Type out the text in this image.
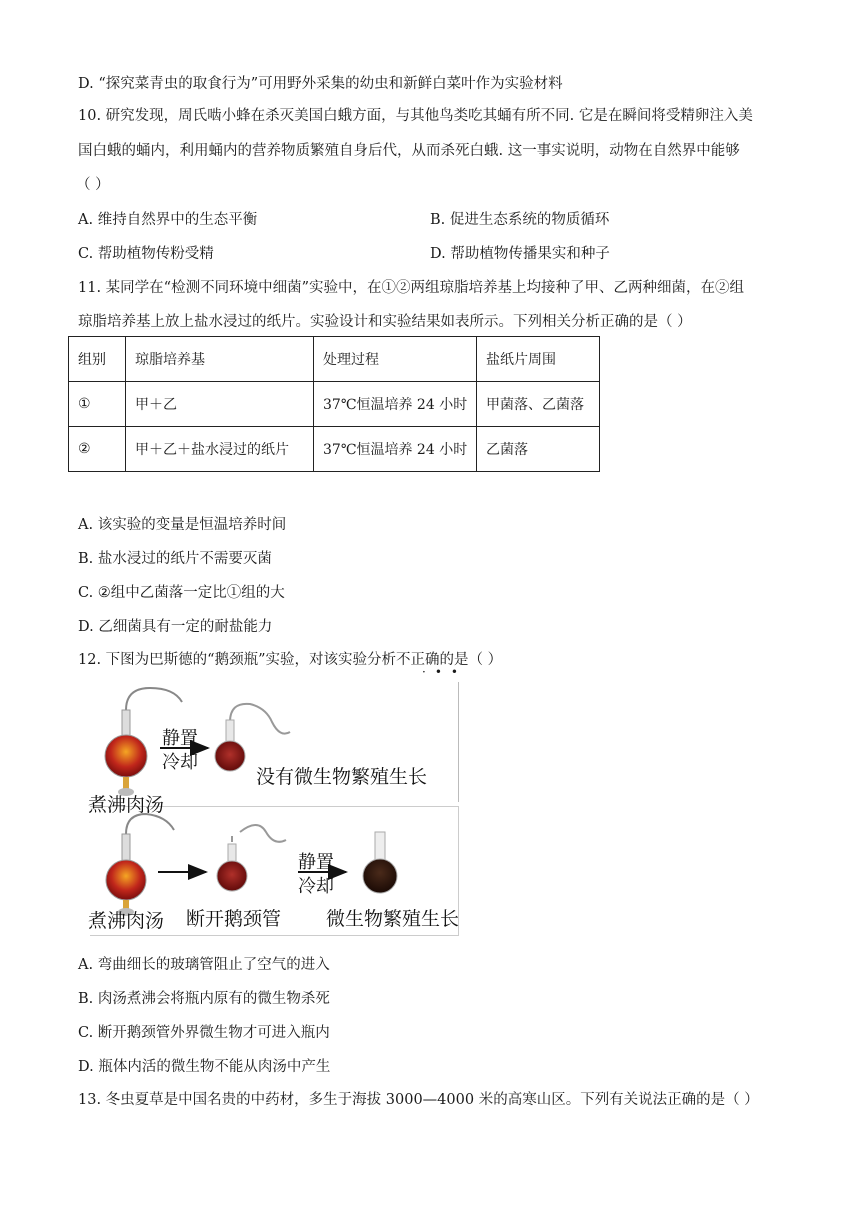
D. “探究菜青虫的取食行为”可用野外采集的幼虫和新鲜白菜叶作为实验材料
10. 研究发现，周氏啮小蜂在杀灭美国白蛾方面，与其他鸟类吃其蛹有所不同. 它是在瞬间将受精卵注入美
国白蛾的蛹内，利用蛹内的营养物质繁殖自身后代，从而杀死白蛾. 这一事实说明，动物在自然界中能够
（ ）
A. 维持自然界中的生态平衡	B. 促进生态系统的物质循环
C. 帮助植物传粉受精	D. 帮助植物传播果实和种子
11. 某同学在“检测不同环境中细菌”实验中，在①②两组琼脂培养基上均接种了甲、乙两种细菌，在②组
琼脂培养基上放上盐水浸过的纸片。实验设计和实验结果如表所示。下列相关分析正确的是（ ）
组别	琼脂培养基	处理过程	盐纸片周围
①	甲＋乙	37℃恒温培养 24 小时	甲菌落、乙菌落
②	甲＋乙＋盐水浸过的纸片	37℃恒温培养 24 小时	乙菌落
A. 该实验的变量是恒温培养时间
B. 盐水浸过的纸片不需要灭菌
C. ②组中乙菌落一定比①组的大
D. 乙细菌具有一定的耐盐能力
12. 下图为巴斯德的“鹅颈瓶”实验，对该实验分析不正确的是（ ）
·••
静置
冷却
没有微生物繁殖生长
煮沸肉汤
静置
冷却
煮沸肉汤 断开鹅颈管 微生物繁殖生长
A. 弯曲细长的玻璃管阻止了空气的进入
B. 肉汤煮沸会将瓶内原有的微生物杀死
C. 断开鹅颈管外界微生物才可进入瓶内
D. 瓶体内活的微生物不能从肉汤中产生
13. 冬虫夏草是中国名贵的中药材，多生于海拔 3000—4000 米的高寒山区。下列有关说法正确的是（ ）
